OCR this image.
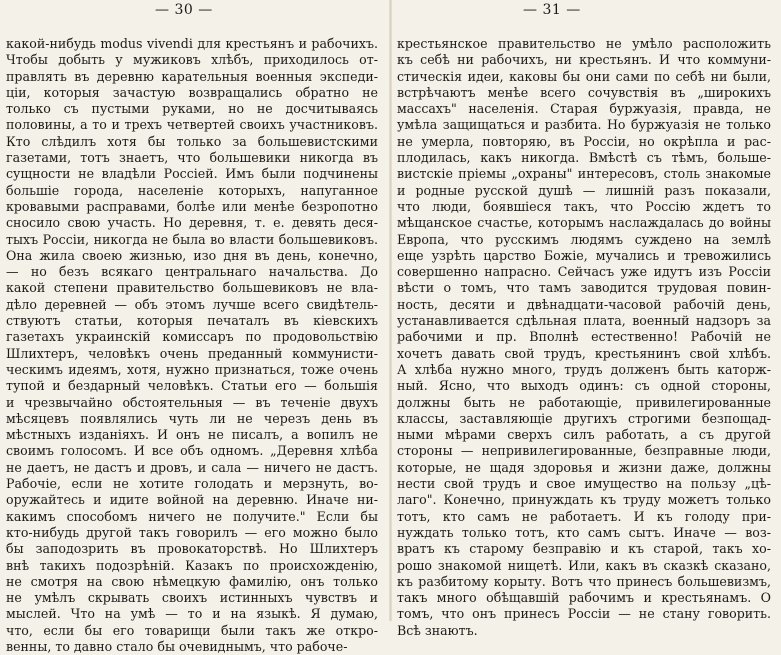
— 30 —
какой-нибудь modus vivendi для крестьянъ и рабочихъ.
Чтобы добыть у мужиковъ хлѣбъ, приходилось от-
правлять въ деревню карательныя военныя экспеди-
ціи, которыя зачастую возвращались обратно не
только съ пустыми руками, но не досчитываясь
половины, а то и трехъ четвертей своихъ участниковъ.
Кто слѣдилъ хотя бы только за большевистскими
газетами, тотъ знаетъ, что большевики никогда въ
сущности не владѣли Россіей. Имъ были подчинены
большіе города, населеніе которыхъ, напуганное
кровавыми расправами, болѣе или менѣе безропотно
сносило свою участь. Но деревня, т. е. девять деся-
тыхъ Россіи, никогда не была во власти большевиковъ.
Она жила своею жизнью, изо дня въ день, конечно,
— но безъ всякаго центральнаго начальства. До
какой степени правительство большевиковъ не вла-
дѣло деревней — объ этомъ лучше всего свидѣтель-
ствуютъ статьи, которыя печаталъ въ кіевскихъ
газетахъ украинскій комиссаръ по продовольствію
Шлихтеръ, человѣкъ очень преданный коммунисти-
ческимъ идеямъ, хотя, нужно признаться, тоже очень
тупой и бездарный человѣкъ. Статьи его — большія
и чрезвычайно обстоятельныя — въ теченіе двухъ
мѣсяцевъ появлялись чуть ли не черезъ день въ
мѣстныхъ изданіяхъ. И онъ не писалъ, а вопилъ не
своимъ голосомъ. И все объ одномъ. „Деревня хлѣба
не даетъ, не дастъ и дровъ, и сала — ничего не дастъ.
Рабочіе, если не хотите голодать и мерзнуть, во-
оружайтесь и идите войной на деревню. Иначе ни-
какимъ способомъ ничего не получите." Если бы
кто-нибудь другой такъ говорилъ — его можно было
бы заподозрить въ провокаторствѣ. Но Шлихтеръ
внѣ такихъ подозрѣній. Казакъ по происхожденію,
не смотря на свою нѣмецкую фамилію, онъ только
не умѣлъ скрывать своихъ истинныхъ чувствъ и
мыслей. Что на умѣ — то и на языкѣ. Я думаю,
что, если бы его товарищи были такъ же откро-
венны, то давно стало бы очевиднымъ, что рабоче-
— 31 —
крестьянское правительство не умѣло расположить
къ себѣ ни рабочихъ, ни крестьянъ. И что коммуни-
стическія идеи, каковы бы они сами по себѣ ни были,
встрѣчаютъ менѣе всего сочувствія въ „широкихъ
массахъ" населенія. Старая буржуазія, правда, не
умѣла защищаться и разбита. Но буржуазія не только
не умерла, повторяю, въ Россіи, но окрѣпла и рас-
плодилась, какъ никогда. Вмѣстѣ съ тѣмъ, больше-
вистскіе пріемы „охраны" интересовъ, столь знакомые
и родные русской душѣ — лишній разъ показали,
что люди, боявшіеся такъ, что Россію ждетъ то
мѣщанское счастье, которымъ наслаждалась до войны
Европа, что русскимъ людямъ суждено на землѣ
еще узрѣть царство Божіе, мучались и тревожились
совершенно напрасно. Сейчасъ уже идутъ изъ Россіи
вѣсти о томъ, что тамъ заводится трудовая повин-
ность, десяти и двѣнадцати-часовой рабочій день,
устанавливается сдѣльная плата, военный надзоръ за
рабочими и пр. Вполнѣ естественно! Рабочій не
хочетъ давать свой трудъ, крестьянинъ свой хлѣбъ.
А хлѣба нужно много, трудъ долженъ быть каторж-
ный. Ясно, что выходъ одинъ: съ одной стороны,
должны быть не работающіе, привилегированные
классы, заставляющіе другихъ строгими безпощад-
ными мѣрами сверхъ силъ работать, а съ другой
стороны — непривилегированные, безправные люди,
которые, не щадя здоровья и жизни даже, должны
нести свой трудъ и свое имущество на пользу „цѣ-
лаго". Конечно, принуждать къ труду можетъ только
тотъ, кто самъ не работаетъ. И къ голоду при-
нуждать только тотъ, кто самъ сытъ. Иначе — воз-
вратъ къ старому безправію и къ старой, такъ хо-
рошо знакомой нищетѣ. Или, какъ въ сказкѣ сказано,
къ разбитому корыту. Вотъ что принесъ большевизмъ,
такъ много обѣщавшій рабочимъ и крестьянамъ. О
томъ, что онъ принесъ Россіи — не стану говорить.
Всѣ знаютъ.
